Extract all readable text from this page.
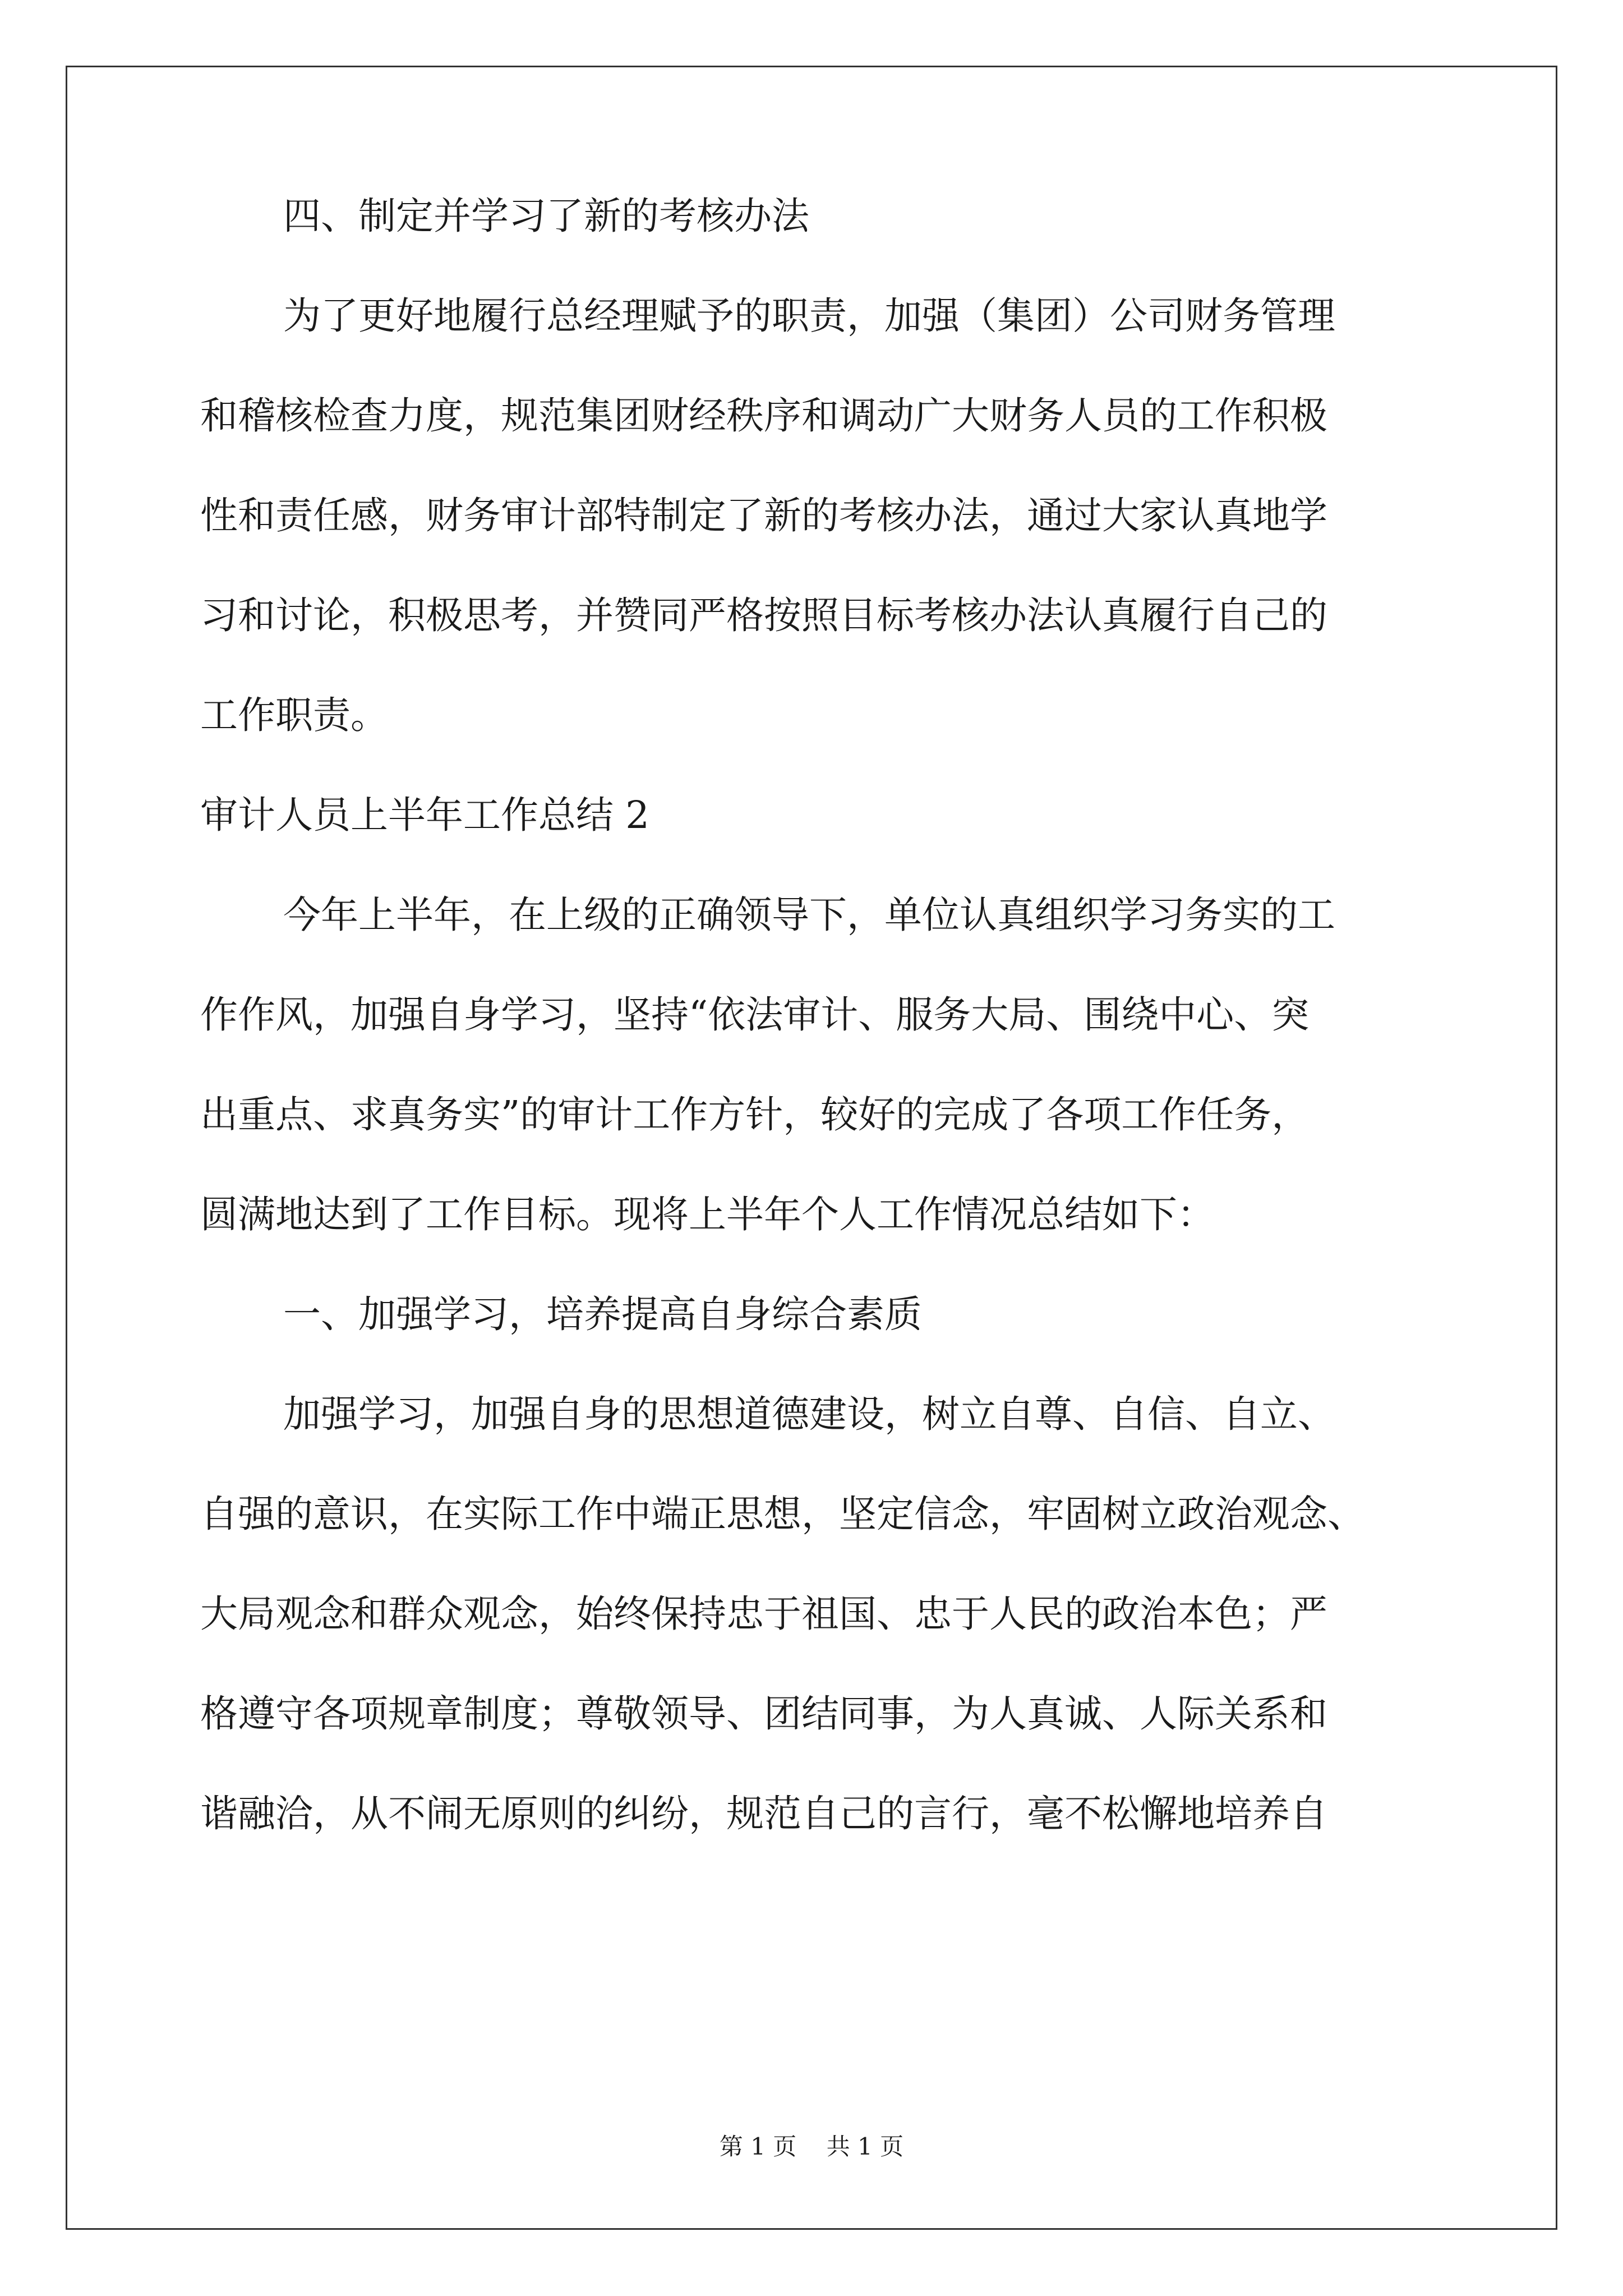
四、制定并学习了新的考核办法
为了更好地履行总经理赋予的职责，加强（集团）公司财务管理
和稽核检查力度，规范集团财经秩序和调动广大财务人员的工作积极
性和责任感，财务审计部特制定了新的考核办法，通过大家认真地学
习和讨论，积极思考，并赞同严格按照目标考核办法认真履行自己的
工作职责。
审计人员上半年工作总结 2
今年上半年，在上级的正确领导下，单位认真组织学习务实的工
作作风，加强自身学习，坚持“依法审计、服务大局、围绕中心、突
出重点、求真务实”的审计工作方针，较好的完成了各项工作任务，
圆满地达到了工作目标。现将上半年个人工作情况总结如下：
一、加强学习，培养提高自身综合素质
加强学习，加强自身的思想道德建设，树立自尊、自信、自立、
自强的意识，在实际工作中端正思想，坚定信念，牢固树立政治观念、
大局观念和群众观念，始终保持忠于祖国、忠于人民的政治本色；严
格遵守各项规章制度；尊敬领导、团结同事，为人真诚、人际关系和
谐融洽，从不闹无原则的纠纷，规范自己的言行，毫不松懈地培养自
第 1 页    共 1 页
